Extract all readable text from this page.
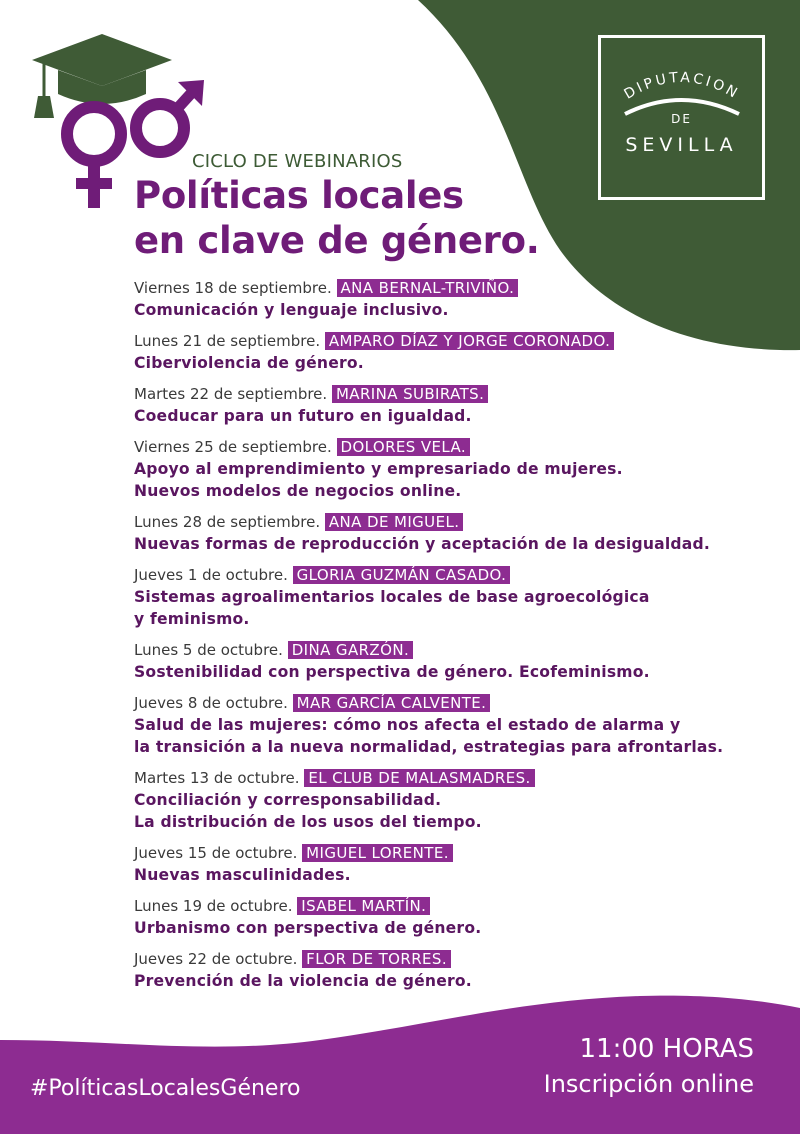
DIPUTACION
DE
SEVILLA
CICLO DE WEBINARIOS
Políticas locales
en clave de género.
Viernes 18 de septiembre. ANA BERNAL-TRIVIÑO.
Comunicación y lenguaje inclusivo.
Lunes 21 de septiembre. AMPARO DÍAZ Y JORGE CORONADO.
Ciberviolencia de género.
Martes 22 de septiembre. MARINA SUBIRATS.
Coeducar para un futuro en igualdad.
Viernes 25 de septiembre. DOLORES VELA.
Apoyo al emprendimiento y empresariado de mujeres.
Nuevos modelos de negocios online.
Lunes 28 de septiembre. ANA DE MIGUEL.
Nuevas formas de reproducción y aceptación de la desigualdad.
Jueves 1 de octubre. GLORIA GUZMÁN CASADO.
Sistemas agroalimentarios locales de base agroecológica
y feminismo.
Lunes 5 de octubre. DINA GARZÓN.
Sostenibilidad con perspectiva de género. Ecofeminismo.
Jueves 8 de octubre. MAR GARCÍA CALVENTE.
Salud de las mujeres: cómo nos afecta el estado de alarma y
la transición a la nueva normalidad, estrategias para afrontarlas.
Martes 13 de octubre. EL CLUB DE MALASMADRES.
Conciliación y corresponsabilidad.
La distribución de los usos del tiempo.
Jueves 15 de octubre. MIGUEL LORENTE.
Nuevas masculinidades.
Lunes 19 de octubre. ISABEL MARTÍN.
Urbanismo con perspectiva de género.
Jueves 22 de octubre. FLOR DE TORRES.
Prevención de la violencia de género.
#PolíticasLocalesGénero
11:00 HORAS
Inscripción online
